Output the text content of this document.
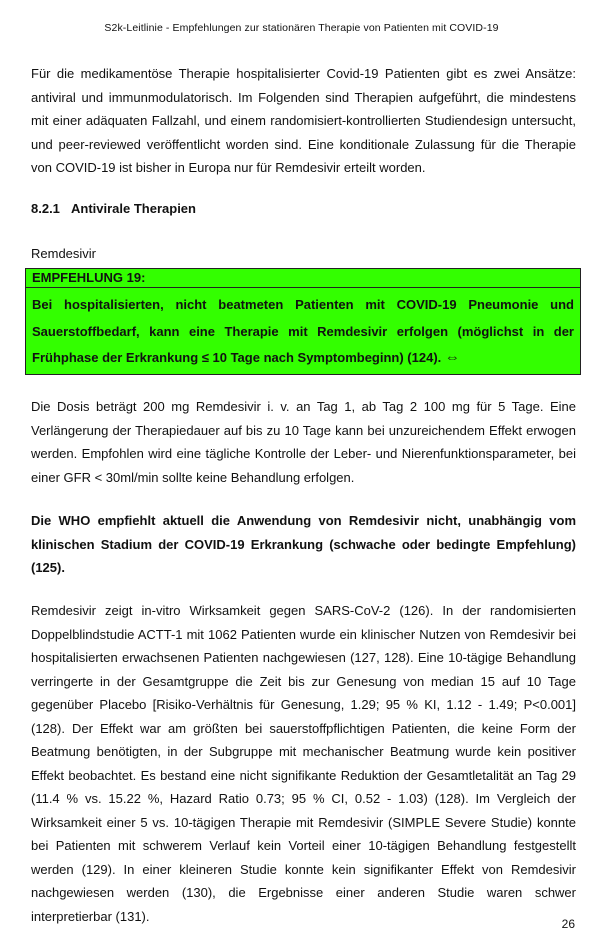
S2k-Leitlinie - Empfehlungen zur stationären Therapie von Patienten mit COVID-19

Für die medikamentöse Therapie hospitalisierter Covid-19 Patienten gibt es zwei Ansätze: antiviral und immunmodulatorisch. Im Folgenden sind Therapien aufgeführt, die mindestens mit einer adäquaten Fallzahl, und einem randomisiert-kontrollierten Studiendesign untersucht, und peer-reviewed veröffentlicht worden sind. Eine konditionale Zulassung für die Therapie von COVID-19 ist bisher in Europa nur für Remdesivir erteilt worden.

8.2.1 Antivirale Therapien
Remdesivir
EMPFEHLUNG 19:

Bei hospitalisierten, nicht beatmeten Patienten mit COVID-19 Pneumonie und Sauerstoffbedarf, kann eine Therapie mit Remdesivir erfolgen (möglichst in der Frühphase der Erkrankung ≤ 10 Tage nach Symptombeginn) (124). ⇔

Die Dosis beträgt 200 mg Remdesivir i. v. an Tag 1, ab Tag 2 100 mg für 5 Tage. Eine Verlängerung der Therapiedauer auf bis zu 10 Tage kann bei unzureichendem Effekt erwogen werden. Empfohlen wird eine tägliche Kontrolle der Leber- und Nierenfunktionsparameter, bei einer GFR < 30ml/min sollte keine Behandlung erfolgen.

Die WHO empfiehlt aktuell die Anwendung von Remdesivir nicht, unabhängig vom klinischen Stadium der COVID-19 Erkrankung (schwache oder bedingte Empfehlung) (125).

Remdesivir zeigt in-vitro Wirksamkeit gegen SARS-CoV-2 (126). In der randomisierten Doppelblindstudie ACTT-1 mit 1062 Patienten wurde ein klinischer Nutzen von Remdesivir bei hospitalisierten erwachsenen Patienten nachgewiesen (127, 128). Eine 10-tägige Behandlung verringerte in der Gesamtgruppe die Zeit bis zur Genesung von median 15 auf 10 Tage gegenüber Placebo [Risiko-Verhältnis für Genesung, 1.29; 95 % KI, 1.12 - 1.49; P<0.001] (128). Der Effekt war am größten bei sauerstoffpflichtigen Patienten, die keine Form der Beatmung benötigten, in der Subgruppe mit mechanischer Beatmung wurde kein positiver Effekt beobachtet. Es bestand eine nicht signifikante Reduktion der Gesamtletalität an Tag 29 (11.4 % vs. 15.22 %, Hazard Ratio 0.73; 95 % CI, 0.52 - 1.03) (128). Im Vergleich der Wirksamkeit einer 5 vs. 10-tägigen Therapie mit Remdesivir (SIMPLE Severe Studie) konnte bei Patienten mit schwerem Verlauf kein Vorteil einer 10-tägigen Behandlung festgestellt werden (129). In einer kleineren Studie konnte kein signifikanter Effekt von Remdesivir nachgewiesen werden (130), die Ergebnisse einer anderen Studie waren schwer interpretierbar (131).

26
